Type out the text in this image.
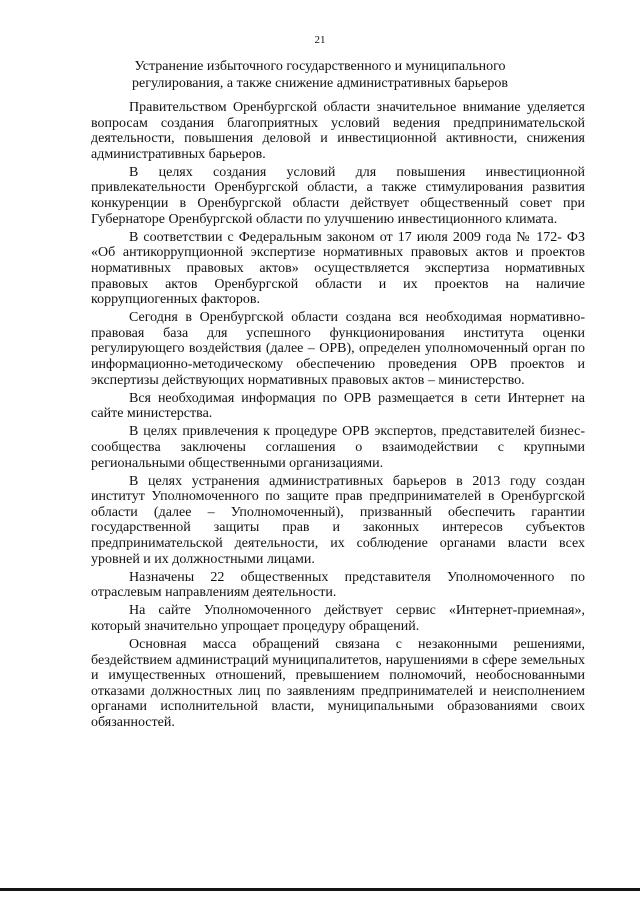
21
Устранение избыточного государственного и муниципального
регулирования, а также снижение административных барьеров

Правительством Оренбургской области значительное внимание уделяется вопросам создания благоприятных условий ведения предпринимательской деятельности, повышения деловой и инвестиционной активности, снижения административных барьеров.

В целях создания условий для повышения инвестиционной привлекательности Оренбургской области, а также стимулирования развития конкуренции в Оренбургской области действует общественный совет при Губернаторе Оренбургской области по улучшению инвестиционного климата.

В соответствии с Федеральным законом от 17 июля 2009 года № 172- ФЗ «Об антикоррупционной экспертизе нормативных правовых актов и проектов нормативных правовых актов» осуществляется экспертиза нормативных правовых актов Оренбургской области и их проектов на наличие коррупциогенных факторов.

Сегодня в Оренбургской области создана вся необходимая нормативно-правовая база для успешного функционирования института оценки регулирующего воздействия (далее – ОРВ), определен уполномоченный орган по информационно-методическому обеспечению проведения ОРВ проектов и экспертизы действующих нормативных правовых актов – министерство.

Вся необходимая информация по ОРВ размещается в сети Интернет на сайте министерства.

В целях привлечения к процедуре ОРВ экспертов, представителей бизнес-сообщества заключены соглашения о взаимодействии с крупными региональными общественными организациями.

В целях устранения административных барьеров в 2013 году создан институт Уполномоченного по защите прав предпринимателей в Оренбургской области (далее – Уполномоченный), призванный обеспечить гарантии государственной защиты прав и законных интересов субъектов предпринимательской деятельности, их соблюдение органами власти всех уровней и их должностными лицами.

Назначены 22 общественных представителя Уполномоченного по отраслевым направлениям деятельности.

На сайте Уполномоченного действует сервис «Интернет-приемная», который значительно упрощает процедуру обращений.

Основная масса обращений связана с незаконными решениями, бездействием администраций муниципалитетов, нарушениями в сфере земельных и имущественных отношений, превышением полномочий, необоснованными отказами должностных лиц по заявлениям предпринимателей и неисполнением органами исполнительной власти, муниципальными образованиями своих обязанностей.
